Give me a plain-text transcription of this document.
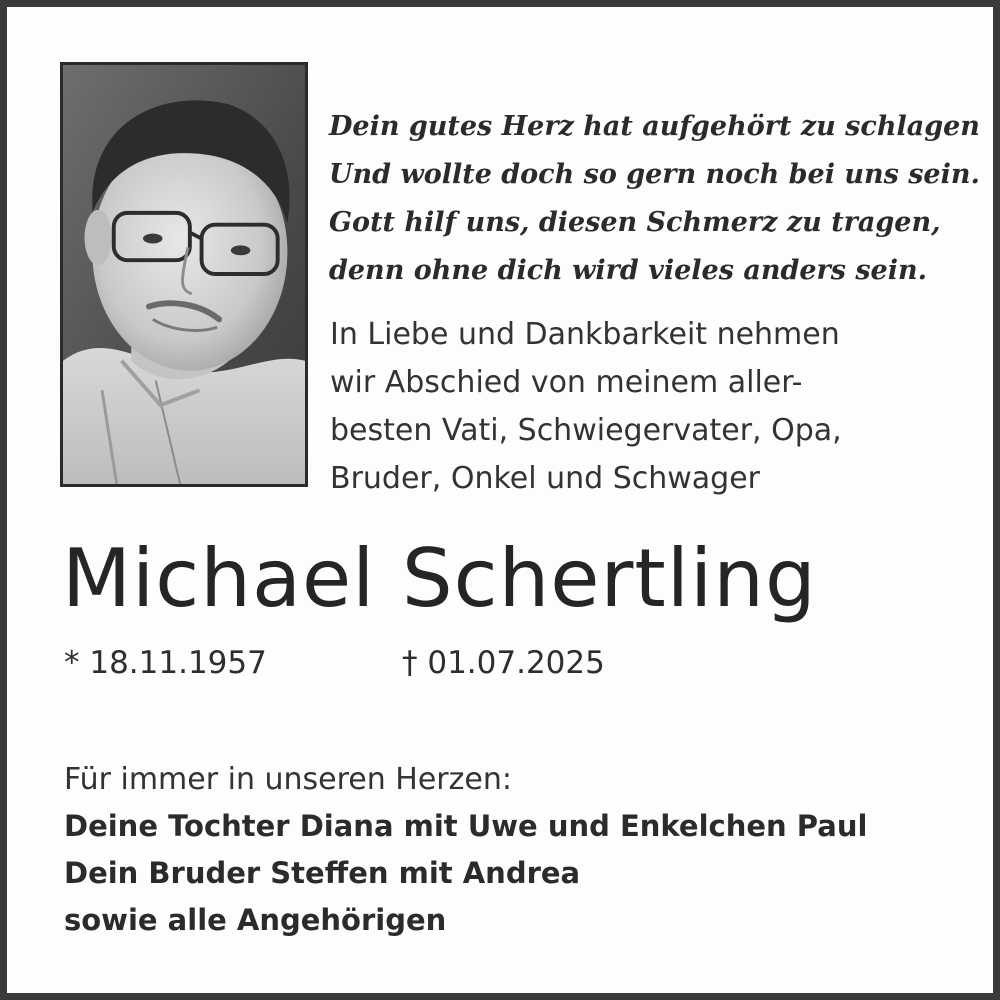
Dein gutes Herz hat aufgehört zu schlagen
Und wollte doch so gern noch bei uns sein.
Gott hilf uns, diesen Schmerz zu tragen,
denn ohne dich wird vieles anders sein.
In Liebe und Dankbarkeit nehmen
wir Abschied von meinem aller-
besten Vati, Schwiegervater, Opa,
Bruder, Onkel und Schwager
Michael Schertling
* 18.11.1957	† 01.07.2025
Für immer in unseren Herzen:
Deine Tochter Diana mit Uwe und Enkelchen Paul
Dein Bruder Steffen mit Andrea
sowie alle Angehörigen
